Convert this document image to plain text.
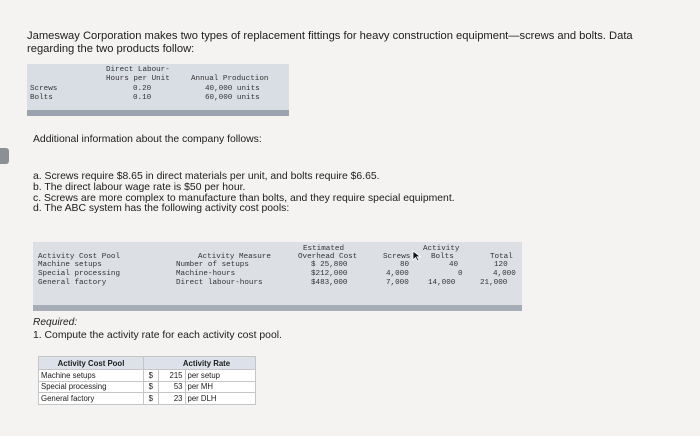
Jamesway Corporation makes two types of replacement fittings for heavy construction equipment—screws and bolts. Data regarding the two products follow:
Direct Labour-
Hours per Unit	Annual Production
Screws	0.20	40,000 units
Bolts	0.10	60,000 units
Additional information about the company follows:
a. Screws require $8.65 in direct materials per unit, and bolts require $6.65.
b. The direct labour wage rate is $50 per hour.
c. Screws are more complex to manufacture than bolts, and they require special equipment.
d. The ABC system has the following activity cost pools:
Estimated	Activity
Activity Cost Pool	Activity Measure	Overhead Cost	Screws	Bolts	Total
Machine setups	Number of setups	$ 25,800	80	40	120
Special processing	Machine-hours	$212,000	4,000	0	4,000
General factory	Direct labour-hours	$483,000	7,000	14,000	21,000
Required:
1. Compute the activity rate for each activity cost pool.
Activity Cost Pool		Activity Rate	
Machine setups	$	215	per setup
Special processing	$	53	per MH
General factory	$	23	per DLH
